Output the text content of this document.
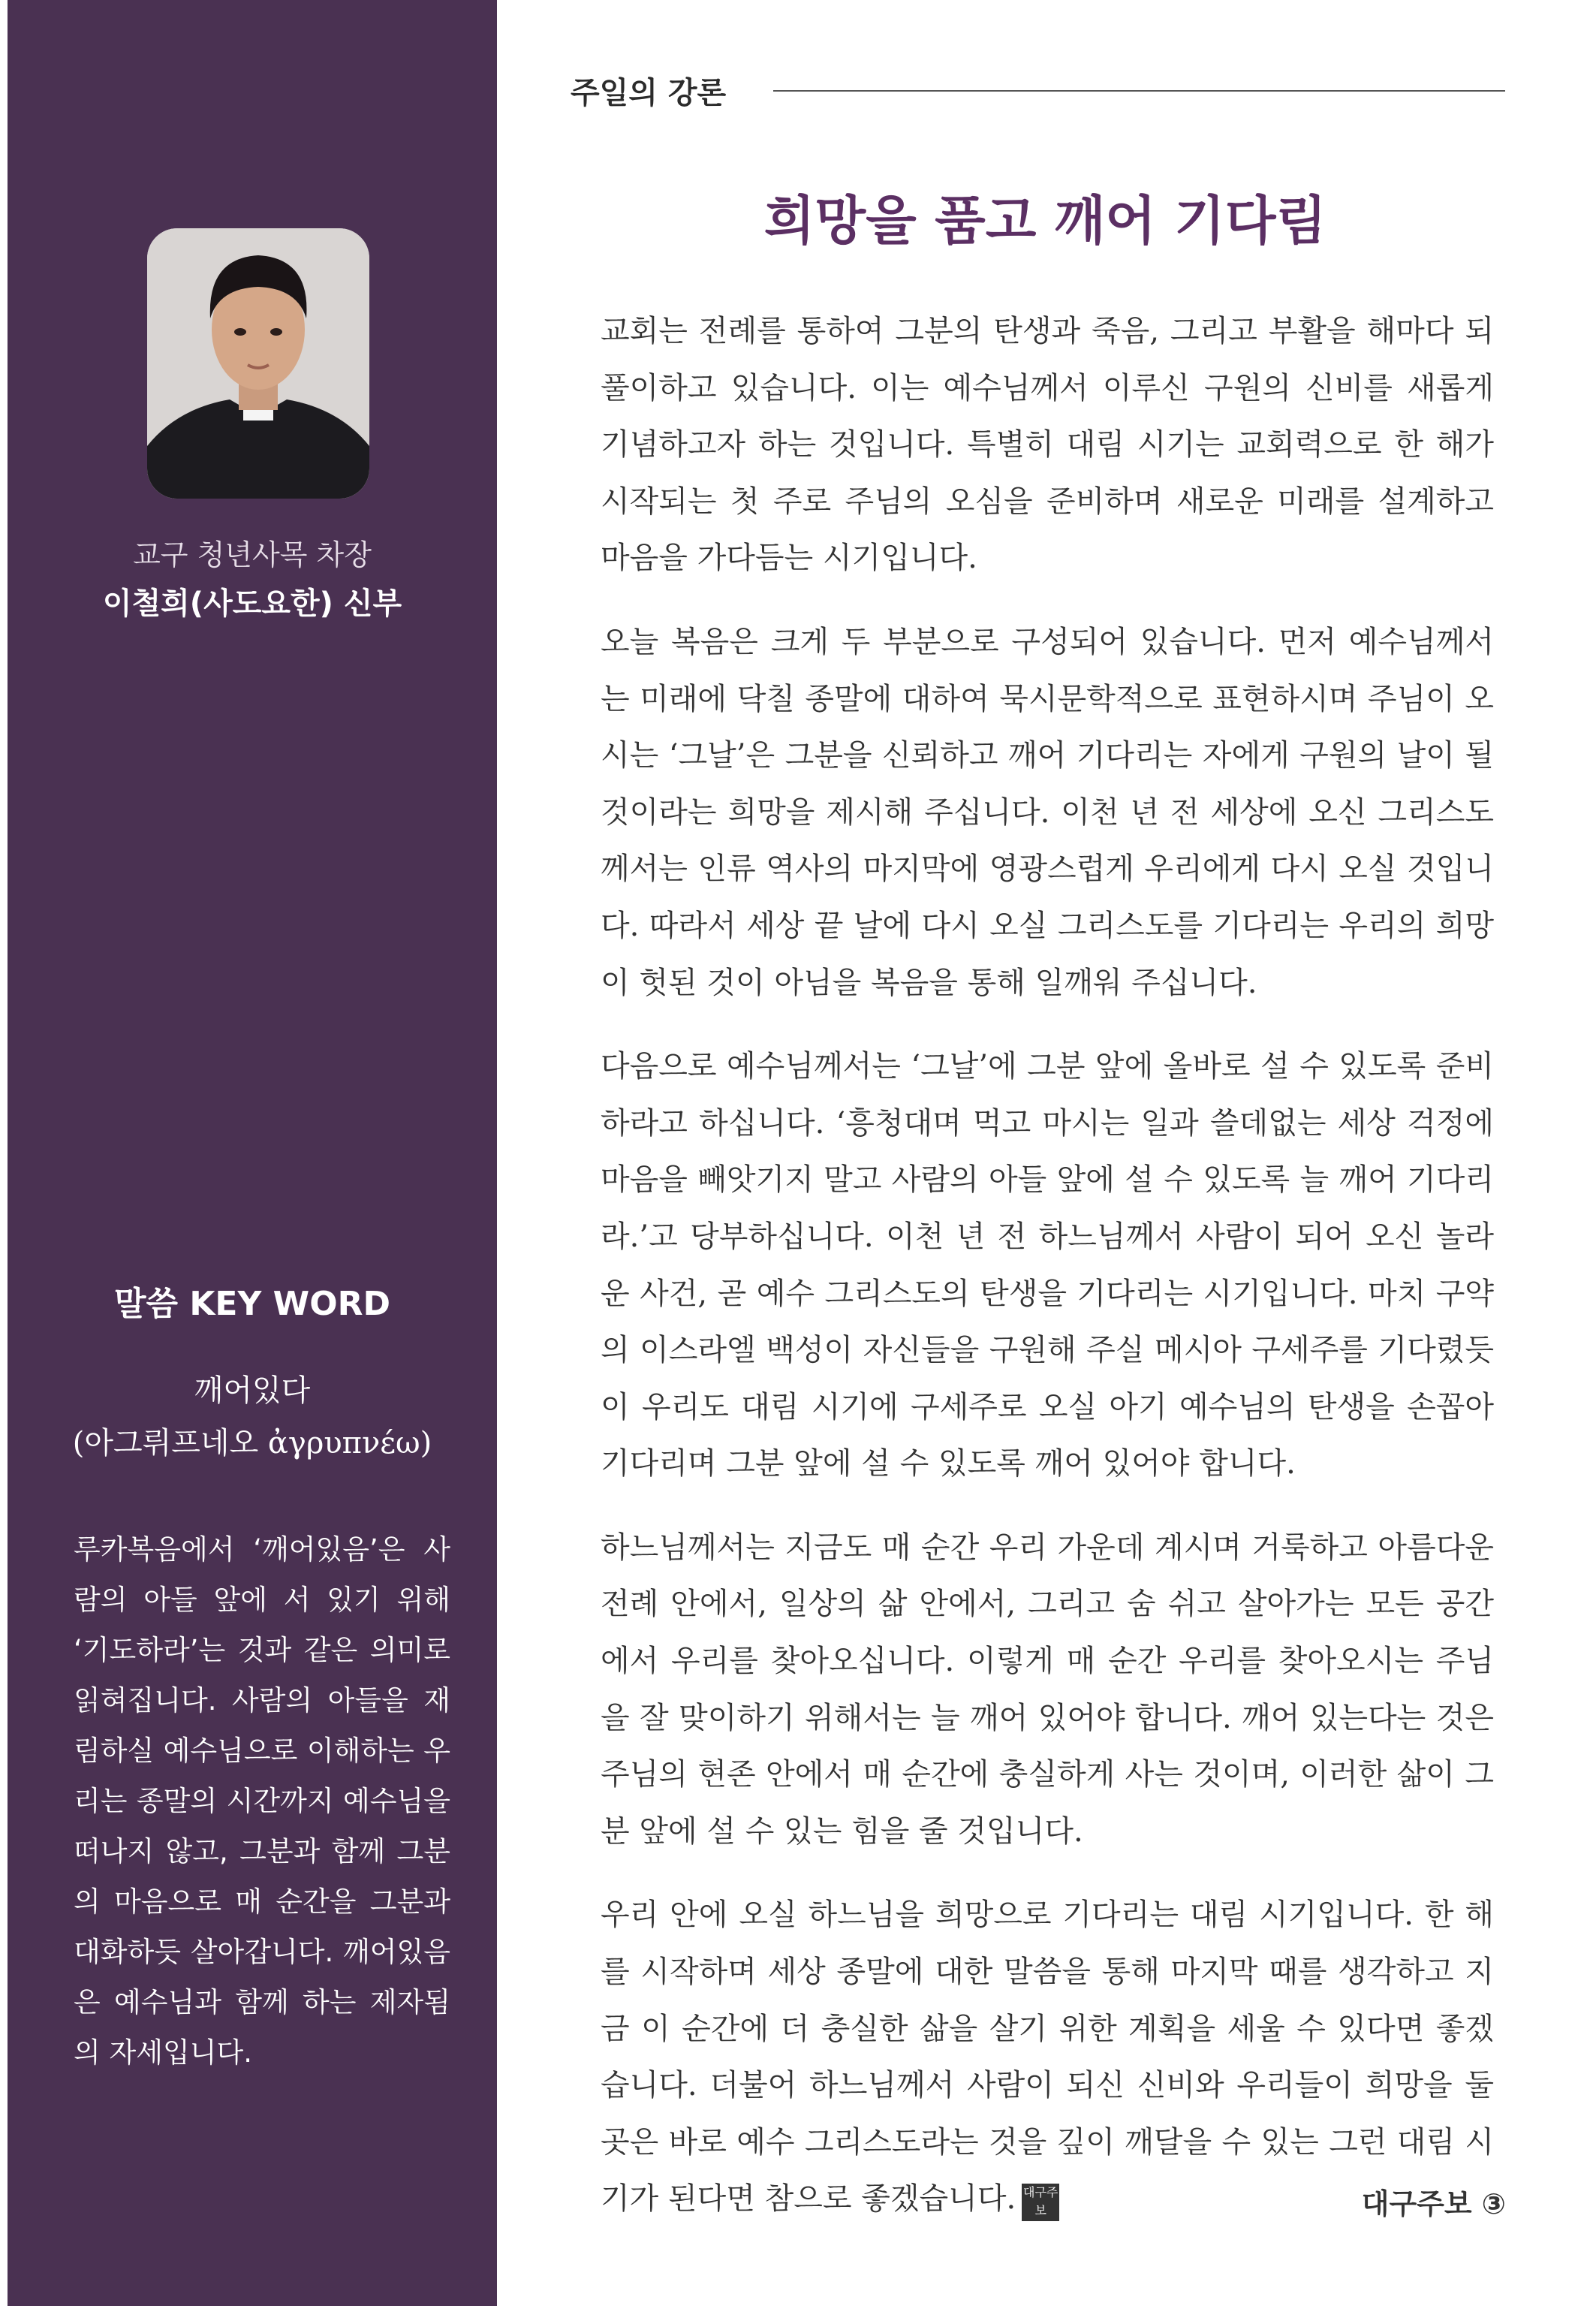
교구 청년사목 차장
이철희(사도요한) 신부
말씀 KEY WORD
깨어있다
(아그뤼프네오 ἀγρυπνέω)
루카복음에서 ‘깨어있음’은 사람의 아들 앞에 서 있기 위해 ‘기도하라’는 것과 같은 의미로 읽혀집니다. 사람의 아들을 재림하실 예수님으로 이해하는 우리는 종말의 시간까지 예수님을 떠나지 않고, 그분과 함께 그분의 마음으로 매 순간을 그분과 대화하듯 살아갑니다. 깨어있음은 예수님과 함께 하는 제자됨의 자세입니다.
주일의 강론
희망을 품고 깨어 기다림

교회는 전례를 통하여 그분의 탄생과 죽음, 그리고 부활을 해마다 되풀이하고 있습니다. 이는 예수님께서 이루신 구원의 신비를 새롭게 기념하고자 하는 것입니다. 특별히 대림 시기는 교회력으로 한 해가 시작되는 첫 주로 주님의 오심을 준비하며 새로운 미래를 설계하고 마음을 가다듬는 시기입니다.

오늘 복음은 크게 두 부분으로 구성되어 있습니다. 먼저 예수님께서는 미래에 닥칠 종말에 대하여 묵시문학적으로 표현하시며 주님이 오시는 ‘그날’은 그분을 신뢰하고 깨어 기다리는 자에게 구원의 날이 될 것이라는 희망을 제시해 주십니다. 이천 년 전 세상에 오신 그리스도께서는 인류 역사의 마지막에 영광스럽게 우리에게 다시 오실 것입니다. 따라서 세상 끝 날에 다시 오실 그리스도를 기다리는 우리의 희망이 헛된 것이 아님을 복음을 통해 일깨워 주십니다.

다음으로 예수님께서는 ‘그날’에 그분 앞에 올바로 설 수 있도록 준비하라고 하십니다. ‘흥청대며 먹고 마시는 일과 쓸데없는 세상 걱정에 마음을 빼앗기지 말고 사람의 아들 앞에 설 수 있도록 늘 깨어 기다리라.’고 당부하십니다. 이천 년 전 하느님께서 사람이 되어 오신 놀라운 사건, 곧 예수 그리스도의 탄생을 기다리는 시기입니다. 마치 구약의 이스라엘 백성이 자신들을 구원해 주실 메시아 구세주를 기다렸듯이 우리도 대림 시기에 구세주로 오실 아기 예수님의 탄생을 손꼽아 기다리며 그분 앞에 설 수 있도록 깨어 있어야 합니다.

하느님께서는 지금도 매 순간 우리 가운데 계시며 거룩하고 아름다운 전례 안에서, 일상의 삶 안에서, 그리고 숨 쉬고 살아가는 모든 공간에서 우리를 찾아오십니다. 이렇게 매 순간 우리를 찾아오시는 주님을 잘 맞이하기 위해서는 늘 깨어 있어야 합니다. 깨어 있는다는 것은 주님의 현존 안에서 매 순간에 충실하게 사는 것이며, 이러한 삶이 그분 앞에 설 수 있는 힘을 줄 것입니다.

우리 안에 오실 하느님을 희망으로 기다리는 대림 시기입니다. 한 해를 시작하며 세상 종말에 대한 말씀을 통해 마지막 때를 생각하고 지금 이 순간에 더 충실한 삶을 살기 위한 계획을 세울 수 있다면 좋겠습니다. 더불어 하느님께서 사람이 되신 신비와 우리들이 희망을 둘 곳은 바로 예수 그리스도라는 것을 깊이 깨달을 수 있는 그런 대림 시기가 된다면 참으로 좋겠습니다. 대구주보	대구주보 ③
